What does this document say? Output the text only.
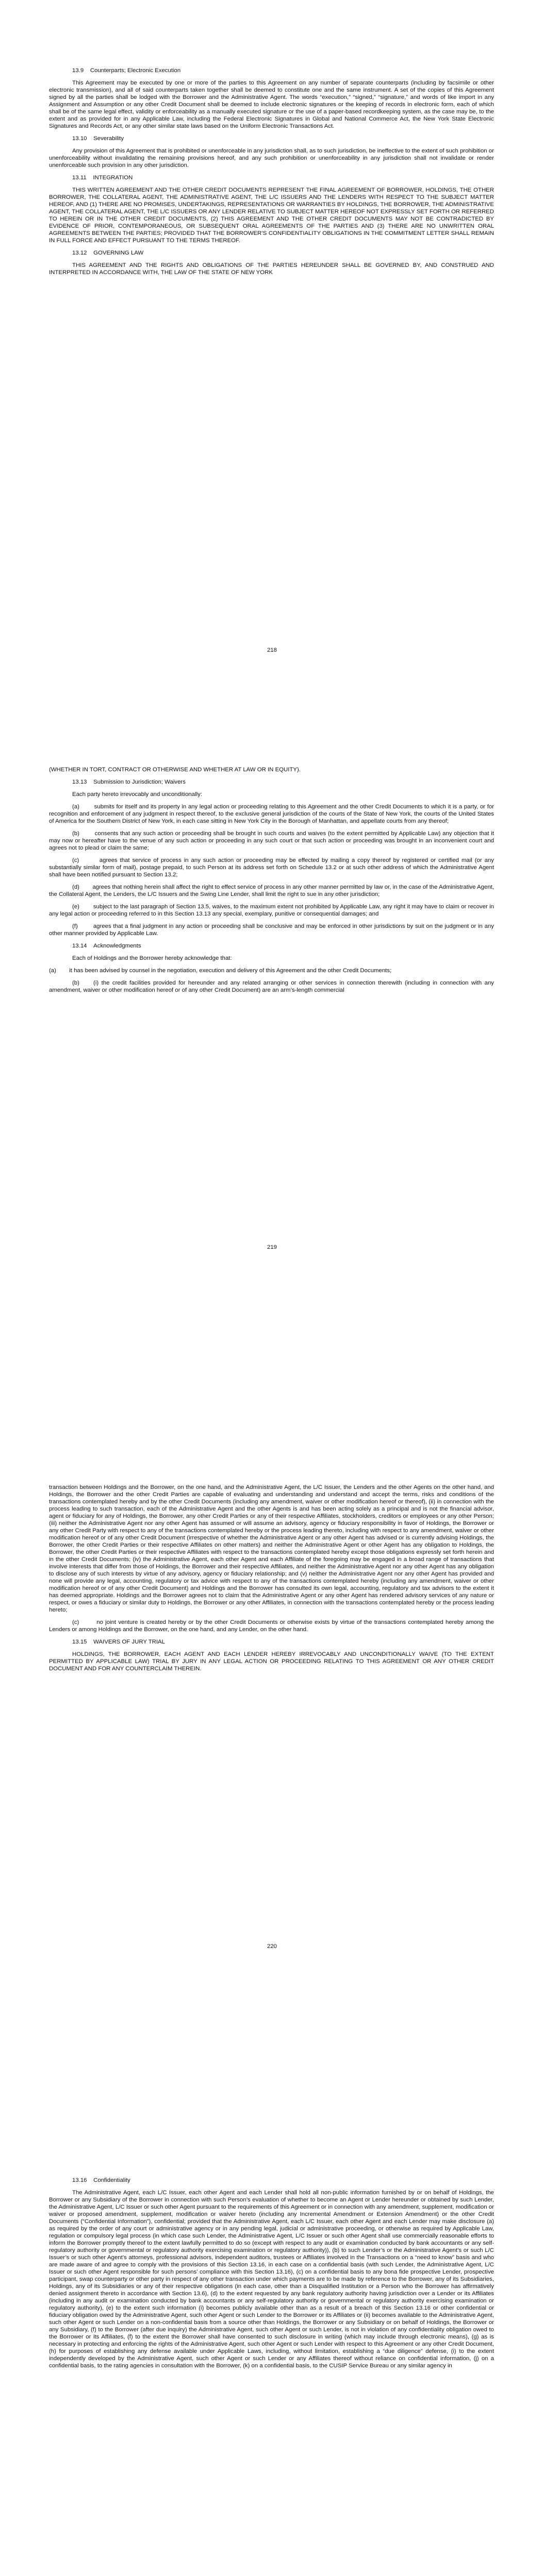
13.9    Counterparts; Electronic Execution

This Agreement may be executed by one or more of the parties to this Agreement on any number of separate counterparts (including by facsimile or other electronic transmission), and all of said counterparts taken together shall be deemed to constitute one and the same instrument. A set of the copies of this Agreement signed by all the parties shall be lodged with the Borrower and the Administrative Agent. The words “execution,” “signed,” “signature,” and words of like import in any Assignment and Assumption or any other Credit Document shall be deemed to include electronic signatures or the keeping of records in electronic form, each of which shall be of the same legal effect, validity or enforceability as a manually executed signature or the use of a paper-based recordkeeping system, as the case may be, to the extent and as provided for in any Applicable Law, including the Federal Electronic Signatures in Global and National Commerce Act, the New York State Electronic Signatures and Records Act, or any other similar state laws based on the Uniform Electronic Transactions Act.

13.10    Severability

Any provision of this Agreement that is prohibited or unenforceable in any jurisdiction shall, as to such jurisdiction, be ineffective to the extent of such prohibition or unenforceability without invalidating the remaining provisions hereof, and any such prohibition or unenforceability in any jurisdiction shall not invalidate or render unenforceable such provision in any other jurisdiction.

13.11    INTEGRATION

THIS WRITTEN AGREEMENT AND THE OTHER CREDIT DOCUMENTS REPRESENT THE FINAL AGREEMENT OF BORROWER, HOLDINGS, THE OTHER BORROWER, THE COLLATERAL AGENT, THE ADMINISTRATIVE AGENT, THE L/C ISSUERS AND THE LENDERS WITH RESPECT TO THE SUBJECT MATTER HEREOF, AND (1) THERE ARE NO PROMISES, UNDERTAKINGS, REPRESENTATIONS OR WARRANTIES BY HOLDINGS, THE BORROWER, THE ADMINISTRATIVE AGENT, THE COLLATERAL AGENT, THE L/C ISSUERS OR ANY LENDER RELATIVE TO SUBJECT MATTER HEREOF NOT EXPRESSLY SET FORTH OR REFERRED TO HEREIN OR IN THE OTHER CREDIT DOCUMENTS, (2) THIS AGREEMENT AND THE OTHER CREDIT DOCUMENTS MAY NOT BE CONTRADICTED BY EVIDENCE OF PRIOR, CONTEMPORANEOUS, OR SUBSEQUENT ORAL AGREEMENTS OF THE PARTIES AND (3) THERE ARE NO UNWRITTEN ORAL AGREEMENTS BETWEEN THE PARTIES; PROVIDED THAT THE BORROWER’S CONFIDENTIALITY OBLIGATIONS IN THE COMMITMENT LETTER SHALL REMAIN IN FULL FORCE AND EFFECT PURSUANT TO THE TERMS THEREOF.

13.12    GOVERNING LAW

THIS AGREEMENT AND THE RIGHTS AND OBLIGATIONS OF THE PARTIES HEREUNDER SHALL BE GOVERNED BY, AND CONSTRUED AND INTERPRETED IN ACCORDANCE WITH, THE LAW OF THE STATE OF NEW YORK

218

(WHETHER IN TORT, CONTRACT OR OTHERWISE AND WHETHER AT LAW OR IN EQUITY).

13.13    Submission to Jurisdiction; Waivers

Each party hereto irrevocably and unconditionally:

(a)        submits for itself and its property in any legal action or proceeding relating to this Agreement and the other Credit Documents to which it is a party, or for recognition and enforcement of any judgment in respect thereof, to the exclusive general jurisdiction of the courts of the State of New York, the courts of the United States of America for the Southern District of New York, in each case sitting in New York City in the Borough of Manhattan, and appellate courts from any thereof;

(b)        consents that any such action or proceeding shall be brought in such courts and waives (to the extent permitted by Applicable Law) any objection that it may now or hereafter have to the venue of any such action or proceeding in any such court or that such action or proceeding was brought in an inconvenient court and agrees not to plead or claim the same;

(c)        agrees that service of process in any such action or proceeding may be effected by mailing a copy thereof by registered or certified mail (or any substantially similar form of mail), postage prepaid, to such Person at its address set forth on Schedule 13.2 or at such other address of which the Administrative Agent shall have been notified pursuant to Section 13.2;

(d)        agrees that nothing herein shall affect the right to effect service of process in any other manner permitted by law or, in the case of the Administrative Agent, the Collateral Agent, the Lenders, the L/C Issuers and the Swing Line Lender, shall limit the right to sue in any other jurisdiction;

(e)        subject to the last paragraph of Section 13.5, waives, to the maximum extent not prohibited by Applicable Law, any right it may have to claim or recover in any legal action or proceeding referred to in this Section 13.13 any special, exemplary, punitive or consequential damages; and

(f)        agrees that a final judgment in any action or proceeding shall be conclusive and may be enforced in other jurisdictions by suit on the judgment or in any other manner provided by Applicable Law.

13.14    Acknowledgments

Each of Holdings and the Borrower hereby acknowledge that:

(a)        it has been advised by counsel in the negotiation, execution and delivery of this Agreement and the other Credit Documents;

(b)     (i) the credit facilities provided for hereunder and any related arranging or other services in connection therewith (including in connection with any amendment, waiver or other modification hereof or of any other Credit Document) are an arm’s-length commercial

219

transaction between Holdings and the Borrower, on the one hand, and the Administrative Agent, the L/C Issuer, the Lenders and the other Agents on the other hand, and Holdings, the Borrower and the other Credit Parties are capable of evaluating and understanding and understand and accept the terms, risks and conditions of the transactions contemplated hereby and by the other Credit Documents (including any amendment, waiver or other modification hereof or thereof), (ii) in connection with the process leading to such transaction, each of the Administrative Agent and the other Agents is and has been acting solely as a principal and is not the financial advisor, agent or fiduciary for any of Holdings, the Borrower, any other Credit Parties or any of their respective Affiliates, stockholders, creditors or employees or any other Person; (iii) neither the Administrative Agent nor any other Agent has assumed or will assume an advisory, agency or fiduciary responsibility in favor of Holdings, the Borrower or any other Credit Party with respect to any of the transactions contemplated hereby or the process leading thereto, including with respect to any amendment, waiver or other modification hereof or of any other Credit Document (irrespective of whether the Administrative Agent or any other Agent has advised or is currently advising Holdings, the Borrower, the other Credit Parties or their respective Affiliates on other matters) and neither the Administrative Agent or other Agent has any obligation to Holdings, the Borrower, the other Credit Parties or their respective Affiliates with respect to the transactions contemplated hereby except those obligations expressly set forth herein and in the other Credit Documents; (iv) the Administrative Agent, each other Agent and each Affiliate of the foregoing may be engaged in a broad range of transactions that involve interests that differ from those of Holdings, the Borrower and their respective Affiliates, and neither the Administrative Agent nor any other Agent has any obligation to disclose any of such interests by virtue of any advisory, agency or fiduciary relationship; and (v) neither the Administrative Agent nor any other Agent has provided and none will provide any legal, accounting, regulatory or tax advice with respect to any of the transactions contemplated hereby (including any amendment, waiver or other modification hereof or of any other Credit Document) and Holdings and the Borrower has consulted its own legal, accounting, regulatory and tax advisors to the extent it has deemed appropriate. Holdings and the Borrower agrees not to claim that the Administrative Agent or any other Agent has rendered advisory services of any nature or respect, or owes a fiduciary or similar duty to Holdings, the Borrower or any other Affiliates, in connection with the transactions contemplated hereby or the process leading hereto;

(c)        no joint venture is created hereby or by the other Credit Documents or otherwise exists by virtue of the transactions contemplated hereby among the Lenders or among Holdings and the Borrower, on the one hand, and any Lender, on the other hand.

13.15    WAIVERS OF JURY TRIAL

HOLDINGS, THE BORROWER, EACH AGENT AND EACH LENDER HEREBY IRREVOCABLY AND UNCONDITIONALLY WAIVE (TO THE EXTENT PERMITTED BY APPLICABLE LAW) TRIAL BY JURY IN ANY LEGAL ACTION OR PROCEEDING RELATING TO THIS AGREEMENT OR ANY OTHER CREDIT DOCUMENT AND FOR ANY COUNTERCLAIM THEREIN.

220

13.16    Confidentiality

The Administrative Agent, each L/C Issuer, each other Agent and each Lender shall hold all non-public information furnished by or on behalf of Holdings, the Borrower or any Subsidiary of the Borrower in connection with such Person’s evaluation of whether to become an Agent or Lender hereunder or obtained by such Lender, the Administrative Agent, L/C Issuer or such other Agent pursuant to the requirements of this Agreement or in connection with any amendment, supplement, modification or waiver or proposed amendment, supplement, modification or waiver hereto (including any Incremental Amendment or Extension Amendment) or the other Credit Documents (“Confidential Information”), confidential; provided that the Administrative Agent, each L/C Issuer, each other Agent and each Lender may make disclosure (a) as required by the order of any court or administrative agency or in any pending legal, judicial or administrative proceeding, or otherwise as required by Applicable Law, regulation or compulsory legal process (in which case such Lender, the Administrative Agent, L/C Issuer or such other Agent shall use commercially reasonable efforts to inform the Borrower promptly thereof to the extent lawfully permitted to do so (except with respect to any audit or examination conducted by bank accountants or any self-regulatory authority or governmental or regulatory authority exercising examination or regulatory authority)), (b) to such Lender’s or the Administrative Agent’s or such L/C Issuer’s or such other Agent’s attorneys, professional advisors, independent auditors, trustees or Affiliates involved in the Transactions on a “need to know” basis and who are made aware of and agree to comply with the provisions of this Section 13.16, in each case on a confidential basis (with such Lender, the Administrative Agent, L/C Issuer or such other Agent responsible for such persons’ compliance with this Section 13.16), (c) on a confidential basis to any bona fide prospective Lender, prospective participant, swap counterparty or other party in respect of any other transaction under which payments are to be made by reference to the Borrower, any of its Subsidiaries, Holdings, any of its Subsidiaries or any of their respective obligations (in each case, other than a Disqualified Institution or a Person who the Borrower has affirmatively denied assignment thereto in accordance with Section 13.6), (d) to the extent requested by any bank regulatory authority having jurisdiction over a Lender or its Affiliates (including in any audit or examination conducted by bank accountants or any self-regulatory authority or governmental or regulatory authority exercising examination or regulatory authority), (e) to the extent such information (i) becomes publicly available other than as a result of a breach of this Section 13.16 or other confidential or fiduciary obligation owed by the Administrative Agent, such other Agent or such Lender to the Borrower or its Affiliates or (ii) becomes available to the Administrative Agent, such other Agent or such Lender on a non-confidential basis from a source other than Holdings, the Borrower or any Subsidiary or on behalf of Holdings, the Borrower or any Subsidiary, (f) to the Borrower (after due inquiry) the Administrative Agent, such other Agent or such Lender, is not in violation of any confidentiality obligation owed to the Borrower or its Affiliates, (f) to the extent the Borrower shall have consented to such disclosure in writing (which may include through electronic means), (g) as is necessary in protecting and enforcing the rights of the Administrative Agent, such other Agent or such Lender with respect to this Agreement or any other Credit Document, (h) for purposes of establishing any defense available under Applicable Laws, including, without limitation, establishing a “due diligence” defense, (i) to the extent independently developed by the Administrative Agent, such other Agent or such Lender or any Affiliates thereof without reliance on confidential information, (j) on a confidential basis, to the rating agencies in consultation with the Borrower, (k) on a confidential basis, to the CUSIP Service Bureau or any similar agency in
